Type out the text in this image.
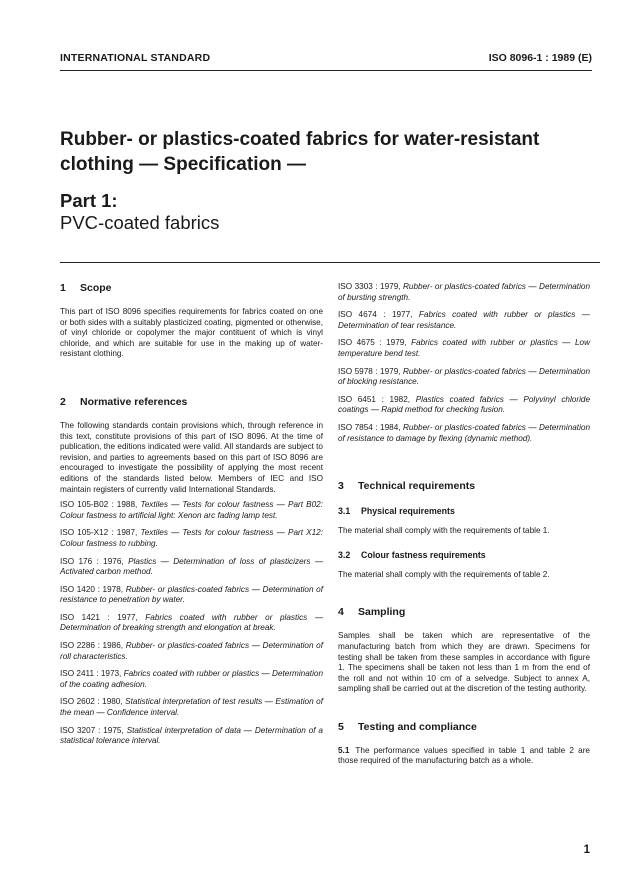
INTERNATIONAL STANDARD	ISO 8096-1 : 1989 (E)
Rubber- or plastics-coated fabrics for water-resistant
clothing — Specification —
Part 1:
PVC-coated fabrics
1 Scope

This part of ISO 8096 specifies requirements for fabrics coated on one or both sides with a suitably plasticized coating, pigmented or otherwise, of vinyl chloride or copolymer the major contituent of which is vinyl chloride, and which are suitable for use in the making up of water-resistant clothing.

2 Normative references

The following standards contain provisions which, through reference in this text, constitute provisions of this part of ISO 8096. At the time of publication, the editions indicated were valid. All standards are subject to revision, and parties to agreements based on this part of ISO 8096 are encouraged to investigate the possibility of applying the most recent editions of the standards listed below. Members of IEC and ISO maintain registers of currently valid International Standards.

ISO 105-B02 : 1988, Textiles — Tests for colour fastness — Part B02: Colour fastness to artificial light: Xenon arc fading lamp test.

ISO 105-X12 : 1987, Textiles — Tests for colour fastness — Part X12: Colour fastness to rubbing.

ISO 176 : 1976, Plastics — Determination of loss of plasticizers — Activated carbon method.

ISO 1420 : 1978, Rubber- or plastics-coated fabrics — Determination of resistance to penetration by water.

ISO 1421 : 1977, Fabrics coated with rubber or plastics — Determination of breaking strength and elongation at break.

ISO 2286 : 1986, Rubber- or plastics-coated fabrics — Determination of roll characteristics.

ISO 2411 : 1973, Fabrics coated with rubber or plastics — Determination of the coating adhesion.

ISO 2602 : 1980, Statistical interpretation of test results — Estimation of the mean — Confidence interval.

ISO 3207 : 1975, Statistical interpretation of data — Determination of a statistical tolerance interval.

ISO 3303 : 1979, Rubber- or plastics-coated fabrics — Determination of bursting strength.

ISO 4674 : 1977, Fabrics coated with rubber or plastics — Determination of tear resistance.

ISO 4675 : 1979, Fabrics coated with rubber or plastics — Low temperature bend test.

ISO 5978 : 1979, Rubber- or plastics-coated fabrics — Determination of blocking resistance.

ISO 6451 : 1982, Plastics coated fabrics — Polyvinyl chloride coatings — Rapid method for checking fusion.

ISO 7854 : 1984, Rubber- or plastics-coated fabrics — Determination of resistance to damage by flexing (dynamic method).

3 Technical requirements
3.1 Physical requirements

The material shall comply with the requirements of table 1.

3.2 Colour fastness requirements

The material shall comply with the requirements of table 2.

4 Sampling

Samples shall be taken which are representative of the manufacturing batch from which they are drawn. Specimens for testing shall be taken from these samples in accordance with figure 1. The specimens shall be taken not less than 1 m from the end of the roll and not within 10 cm of a selvedge. Subject to annex A, sampling shall be carried out at the discretion of the testing authority.

5 Testing and compliance

5.1 The performance values specified in table 1 and table 2 are those required of the manufacturing batch as a whole.

1
